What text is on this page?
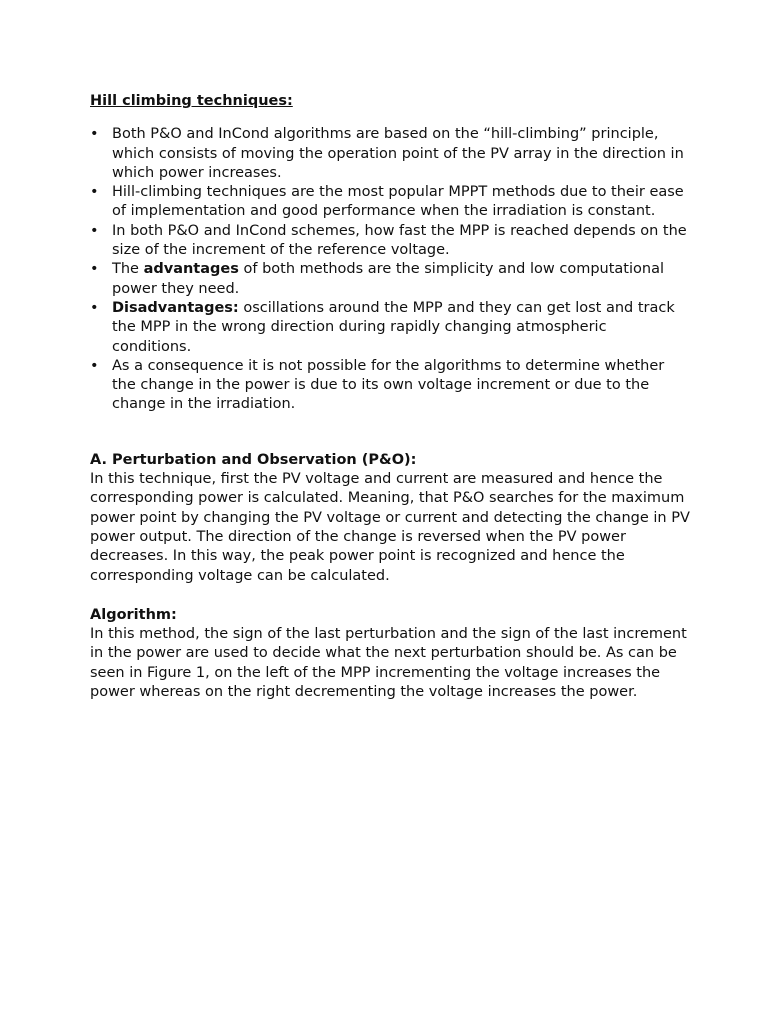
Hill climbing techniques:
• Both P&O and InCond algorithms are based on the “hill-climbing” principle, which consists of moving the operation point of the PV array in the direction in which power increases.
• Hill-climbing techniques are the most popular MPPT methods due to their ease of implementation and good performance when the irradiation is constant.
• In both P&O and InCond schemes, how fast the MPP is reached depends on the size of the increment of the reference voltage.
• The advantages of both methods are the simplicity and low computational power they need.
• Disadvantages: oscillations around the MPP and they can get lost and track the MPP in the wrong direction during rapidly changing atmospheric conditions.
• As a consequence it is not possible for the algorithms to determine whether the change in the power is due to its own voltage increment or due to the change in the irradiation.
A. Perturbation and Observation (P&O):

In this technique, first the PV voltage and current are measured and hence the corresponding power is calculated. Meaning, that P&O searches for the maximum power point by changing the PV voltage or current and detecting the change in PV power output. The direction of the change is reversed when the PV power decreases. In this way, the peak power point is recognized and hence the corresponding voltage can be calculated.

Algorithm:

In this method, the sign of the last perturbation and the sign of the last increment in the power are used to decide what the next perturbation should be. As can be seen in Figure 1, on the left of the MPP incrementing the voltage increases the power whereas on the right decrementing the voltage increases the power.
